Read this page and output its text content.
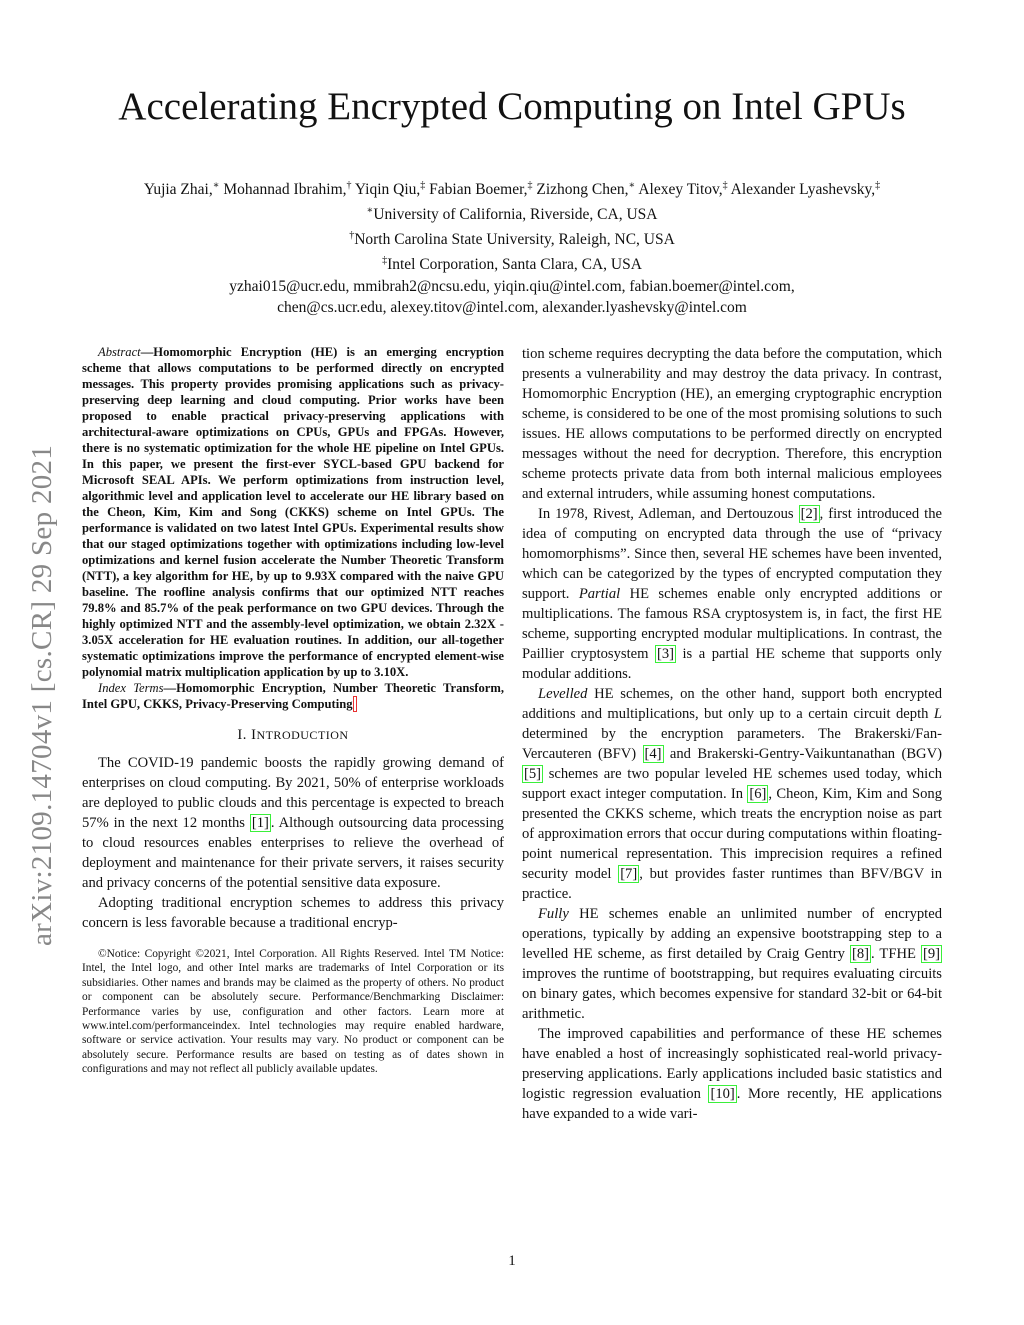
Accelerating Encrypted Computing on Intel GPUs
Yujia Zhai,∗ Mohannad Ibrahim,† Yiqin Qiu,‡ Fabian Boemer,‡ Zizhong Chen,∗ Alexey Titov,‡ Alexander Lyashevsky,‡
∗University of California, Riverside, CA, USA
†North Carolina State University, Raleigh, NC, USA
‡Intel Corporation, Santa Clara, CA, USA
yzhai015@ucr.edu, mmibrah2@ncsu.edu, yiqin.qiu@intel.com, fabian.boemer@intel.com,
chen@cs.ucr.edu, alexey.titov@intel.com, alexander.lyashevsky@intel.com
arXiv:2109.14704v1 [cs.CR] 29 Sep 2021

Abstract—Homomorphic Encryption (HE) is an emerging encryption scheme that allows computations to be performed directly on encrypted messages. This property provides promising applications such as privacy-preserving deep learning and cloud computing. Prior works have been proposed to enable practical privacy-preserving applications with architectural-aware optimizations on CPUs, GPUs and FPGAs. However, there is no systematic optimization for the whole HE pipeline on Intel GPUs. In this paper, we present the first-ever SYCL-based GPU backend for Microsoft SEAL APIs. We perform optimizations from instruction level, algorithmic level and application level to accelerate our HE library based on the Cheon, Kim, Kim and Song (CKKS) scheme on Intel GPUs. The performance is validated on two latest Intel GPUs. Experimental results show that our staged optimizations together with optimizations including low-level optimizations and kernel fusion accelerate the Number Theoretic Transform (NTT), a key algorithm for HE, by up to 9.93X compared with the naive GPU baseline. The roofline analysis confirms that our optimized NTT reaches 79.8% and 85.7% of the peak performance on two GPU devices. Through the highly optimized NTT and the assembly-level optimization, we obtain 2.32X - 3.05X acceleration for HE evaluation routines. In addition, our all-together systematic optimizations improve the performance of encrypted element-wise polynomial matrix multiplication application by up to 3.10X.

Index Terms—Homomorphic Encryption, Number Theoretic Transform, Intel GPU, CKKS, Privacy-Preserving Computing

I. INTRODUCTION

The COVID-19 pandemic boosts the rapidly growing demand of enterprises on cloud computing. By 2021, 50% of enterprise workloads are deployed to public clouds and this percentage is expected to breach 57% in the next 12 months [1] . Although outsourcing data processing to cloud resources enables enterprises to relieve the overhead of deployment and maintenance for their private servers, it raises security and privacy concerns of the potential sensitive data exposure.

Adopting traditional encryption schemes to address this privacy concern is less favorable because a traditional encryp-

©Notice: Copyright ©2021, Intel Corporation. All Rights Reserved. Intel TM Notice: Intel, the Intel logo, and other Intel marks are trademarks of Intel Corporation or its subsidiaries. Other names and brands may be claimed as the property of others. No product or component can be absolutely secure. Performance/Benchmarking Disclaimer: Performance varies by use, configuration and other factors. Learn more at www.intel.com/performanceindex. Intel technologies may require enabled hardware, software or service activation. Your results may vary. No product or component can be absolutely secure. Performance results are based on testing as of dates shown in configurations and may not reflect all publicly available updates.

tion scheme requires decrypting the data before the computation, which presents a vulnerability and may destroy the data privacy. In contrast, Homomorphic Encryption (HE), an emerging cryptographic encryption scheme, is considered to be one of the most promising solutions to such issues. HE allows computations to be performed directly on encrypted messages without the need for decryption. Therefore, this encryption scheme protects private data from both internal malicious employees and external intruders, while assuming honest computations.

In 1978, Rivest, Adleman, and Dertouzous [2] , first introduced the idea of computing on encrypted data through the use of “privacy homomorphisms”. Since then, several HE schemes have been invented, which can be categorized by the types of encrypted computation they support. Partial HE schemes enable only encrypted additions or multiplications. The famous RSA cryptosystem is, in fact, the first HE scheme, supporting encrypted modular multiplications. In contrast, the Paillier cryptosystem [3] is a partial HE scheme that supports only modular additions.

Levelled HE schemes, on the other hand, support both encrypted additions and multiplications, but only up to a certain circuit depth L determined by the encryption parameters. The Brakerski/Fan-Vercauteren (BFV) [4] and Brakerski-Gentry-Vaikuntanathan (BGV) [5] schemes are two popular leveled HE schemes used today, which support exact integer computation. In [6] , Cheon, Kim, Kim and Song presented the CKKS scheme, which treats the encryption noise as part of approximation errors that occur during computations within floating-point numerical representation. This imprecision requires a refined security model [7] , but provides faster runtimes than BFV/BGV in practice.

Fully HE schemes enable an unlimited number of encrypted operations, typically by adding an expensive bootstrapping step to a levelled HE scheme, as first detailed by Craig Gentry [8] . TFHE [9] improves the runtime of bootstrapping, but requires evaluating circuits on binary gates, which becomes expensive for standard 32-bit or 64-bit arithmetic.

The improved capabilities and performance of these HE schemes have enabled a host of increasingly sophisticated real-world privacy-preserving applications. Early applications included basic statistics and logistic regression evaluation [10] . More recently, HE applications have expanded to a wide vari-

1
